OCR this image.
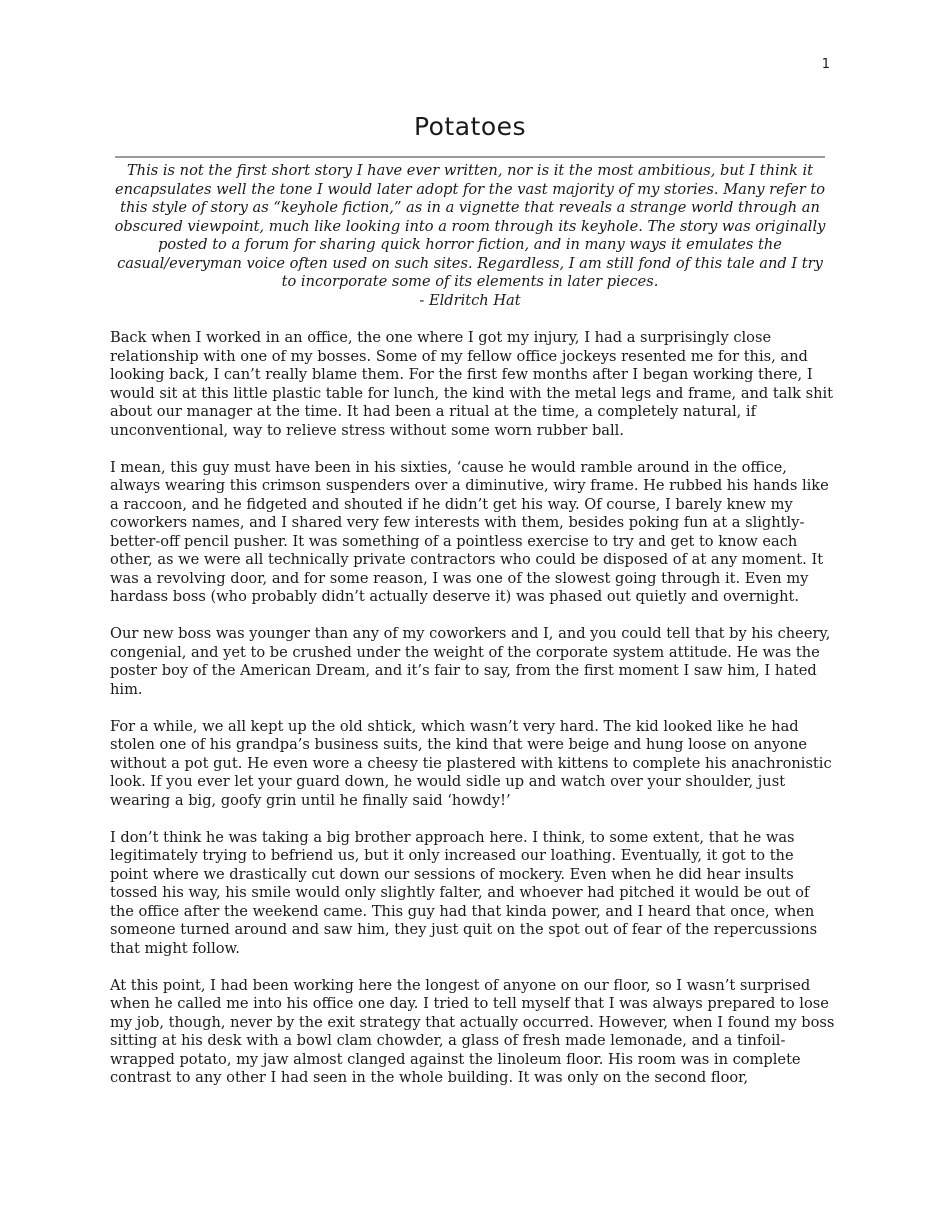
1
Potatoes

This is not the first short story I have ever written, nor is it the most ambitious, but I think it encapsulates well the tone I would later adopt for the vast majority of my stories. Many refer to this style of story as “keyhole fiction,” as in a vignette that reveals a strange world through an obscured viewpoint, much like looking into a room through its keyhole. The story was originally posted to a forum for sharing quick horror fiction, and in many ways it emulates the casual/everyman voice often used on such sites. Regardless, I am still fond of this tale and I try to incorporate some of its elements in later pieces.

- Eldritch Hat

Back when I worked in an office, the one where I got my injury, I had a surprisingly close relationship with one of my bosses. Some of my fellow office jockeys resented me for this, and looking back, I can’t really blame them. For the first few months after I began working there, I would sit at this little plastic table for lunch, the kind with the metal legs and frame, and talk shit about our manager at the time. It had been a ritual at the time, a completely natural, if unconventional, way to relieve stress without some worn rubber ball.

I mean, this guy must have been in his sixties, ‘cause he would ramble around in the office, always wearing this crimson suspenders over a diminutive, wiry frame. He rubbed his hands like a raccoon, and he fidgeted and shouted if he didn’t get his way. Of course, I barely knew my coworkers names, and I shared very few interests with them, besides poking fun at a slightly-better-off pencil pusher. It was something of a pointless exercise to try and get to know each other, as we were all technically private contractors who could be disposed of at any moment. It was a revolving door, and for some reason, I was one of the slowest going through it. Even my hardass boss (who probably didn’t actually deserve it) was phased out quietly and overnight.

Our new boss was younger than any of my coworkers and I, and you could tell that by his cheery, congenial, and yet to be crushed under the weight of the corporate system attitude. He was the poster boy of the American Dream, and it’s fair to say, from the first moment I saw him, I hated him.

For a while, we all kept up the old shtick, which wasn’t very hard. The kid looked like he had stolen one of his grandpa’s business suits, the kind that were beige and hung loose on anyone without a pot gut. He even wore a cheesy tie plastered with kittens to complete his anachronistic look. If you ever let your guard down, he would sidle up and watch over your shoulder, just wearing a big, goofy grin until he finally said ‘howdy!’

I don’t think he was taking a big brother approach here. I think, to some extent, that he was legitimately trying to befriend us, but it only increased our loathing. Eventually, it got to the point where we drastically cut down our sessions of mockery. Even when he did hear insults tossed his way, his smile would only slightly falter, and whoever had pitched it would be out of the office after the weekend came. This guy had that kinda power, and I heard that once, when someone turned around and saw him, they just quit on the spot out of fear of the repercussions that might follow.

At this point, I had been working here the longest of anyone on our floor, so I wasn’t surprised when he called me into his office one day. I tried to tell myself that I was always prepared to lose my job, though, never by the exit strategy that actually occurred. However, when I found my boss sitting at his desk with a bowl clam chowder, a glass of fresh made lemonade, and a tinfoil-wrapped potato, my jaw almost clanged against the linoleum floor. His room was in complete contrast to any other I had seen in the whole building. It was only on the second floor,
